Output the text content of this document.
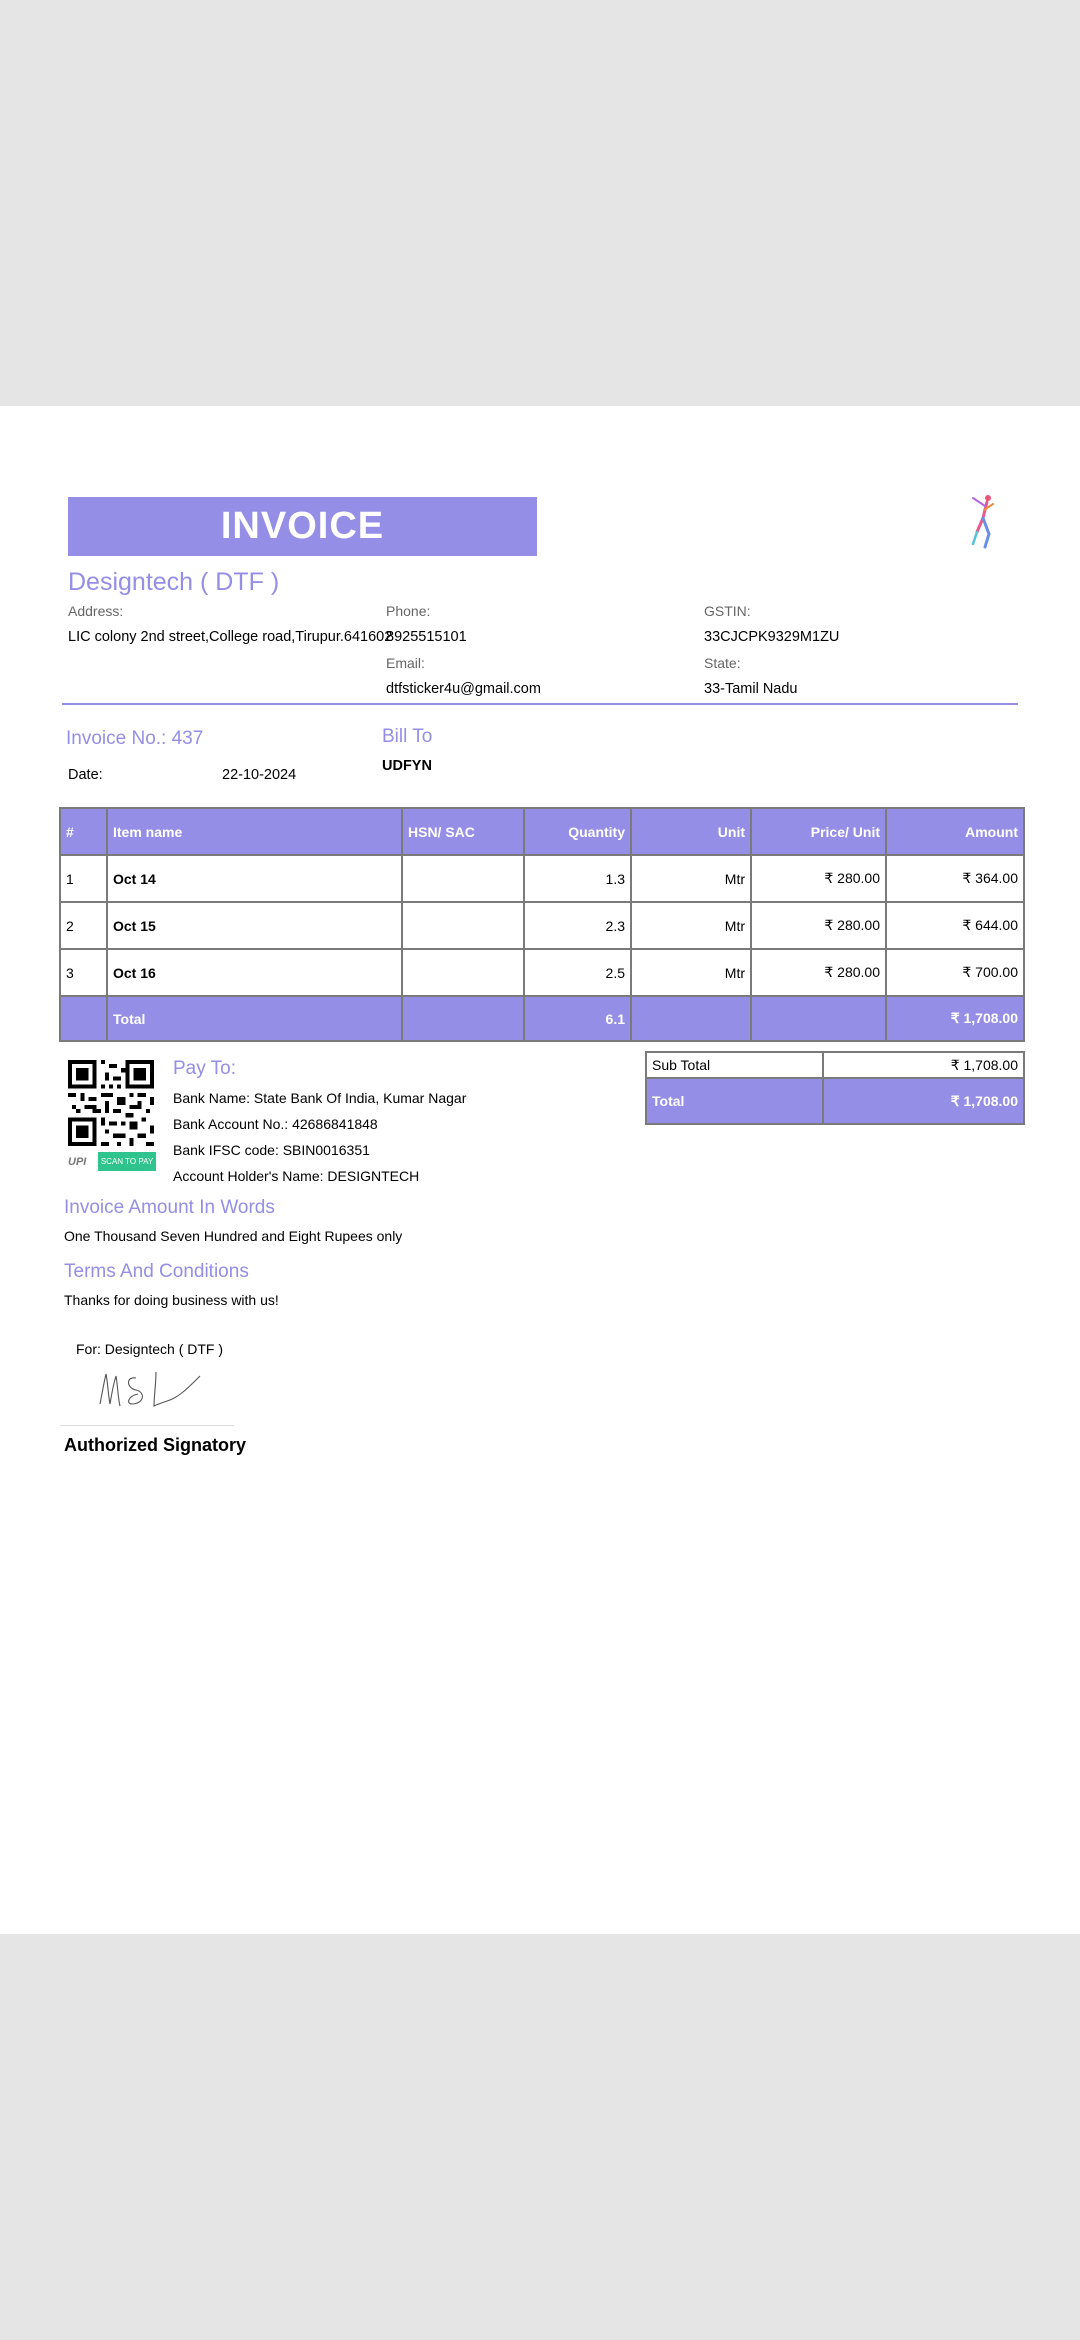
INVOICE
Designtech ( DTF )
Address:
LIC colony 2nd street,College road,Tirupur.641602
Phone:
8925515101
Email:
dtfsticker4u@gmail.com
GSTIN:
33CJCPK9329M1ZU
State:
33-Tamil Nadu
Invoice No.: 437
Date:	22-10-2024
Bill To
UDFYN
#	Item name	HSN/ SAC	Quantity	Unit	Price/ Unit	Amount
1	Oct 14		1.3	Mtr	₹ 280.00	₹ 364.00
2	Oct 15		2.3	Mtr	₹ 280.00	₹ 644.00
3	Oct 16		2.5	Mtr	₹ 280.00	₹ 700.00
	Total		6.1			₹ 1,708.00
Sub Total	₹ 1,708.00
Total	₹ 1,708.00
UPI	SCAN TO PAY
Pay To:
Bank Name: State Bank Of India, Kumar Nagar
Bank Account No.: 42686841848
Bank IFSC code: SBIN0016351
Account Holder's Name: DESIGNTECH
Invoice Amount In Words
One Thousand Seven Hundred and Eight Rupees only
Terms And Conditions
Thanks for doing business with us!
For: Designtech ( DTF )
Authorized Signatory
